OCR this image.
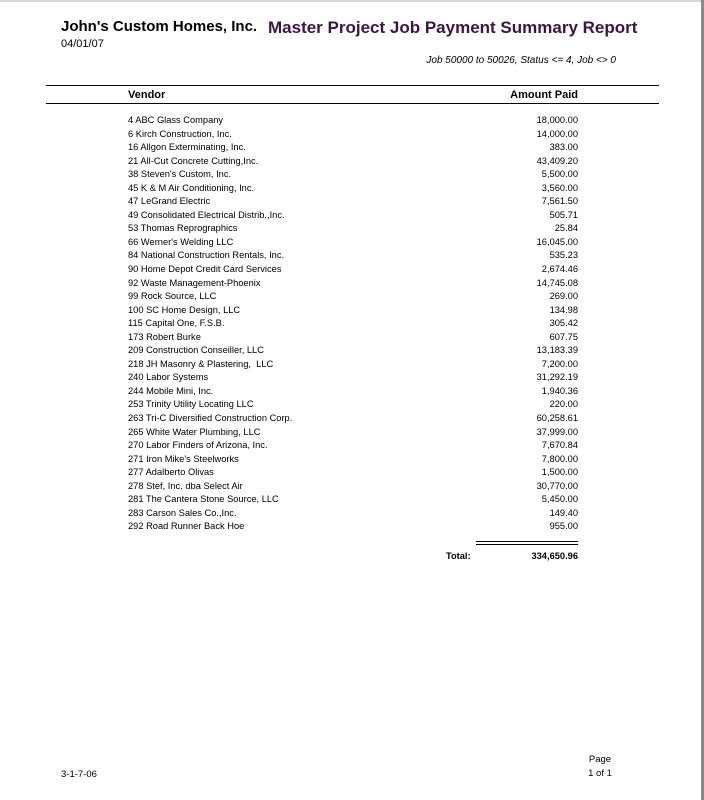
John's Custom Homes, Inc.
04/01/07
Master Project Job Payment Summary Report
Job 50000 to 50026, Status <= 4, Job <> 0
Vendor	Amount Paid
4 ABC Glass Company	18,000.00
6 Kirch Construction, Inc.	14,000.00
16 Allgon Exterminating, Inc.	383.00
21 All-Cut Concrete Cutting,Inc.	43,409.20
38 Steven's Custom, Inc.	5,500.00
45 K & M Air Conditioning, Inc.	3,560.00
47 LeGrand Electric	7,561.50
49 Consolidated Electrical Distrib.,Inc.	505.71
53 Thomas Reprographics	25.84
66 Werner's Welding LLC	16,045.00
84 National Construction Rentals, Inc.	535.23
90 Home Depot Credit Card Services	2,674.46
92 Waste Management-Phoenix	14,745.08
99 Rock Source, LLC	269.00
100 SC Home Design, LLC	134.98
115 Capital One, F.S.B.	305.42
173 Robert Burke	607.75
209 Construction Conseiller, LLC	13,183.39
218 JH Masonry & Plastering,  LLC	7,200.00
240 Labor Systems	31,292.19
244 Mobile Mini, Inc.	1,940.36
253 Trinity Utility Locating LLC	220.00
263 Tri-C Diversified Construction Corp.	60,258.61
265 White Water Plumbing, LLC	37,999.00
270 Labor Finders of Arizona, Inc.	7,670.84
271 Iron Mike's Steelworks	7,800.00
277 Adalberto Olivas	1,500.00
278 Stef, Inc. dba Select Air	30,770.00
281 The Cantera Stone Source, LLC	5,450.00
283 Carson Sales Co.,Inc.	149.40
292 Road Runner Back Hoe	955.00
Total:	334,650.96
3-1-7-06
Page
1 of 1
